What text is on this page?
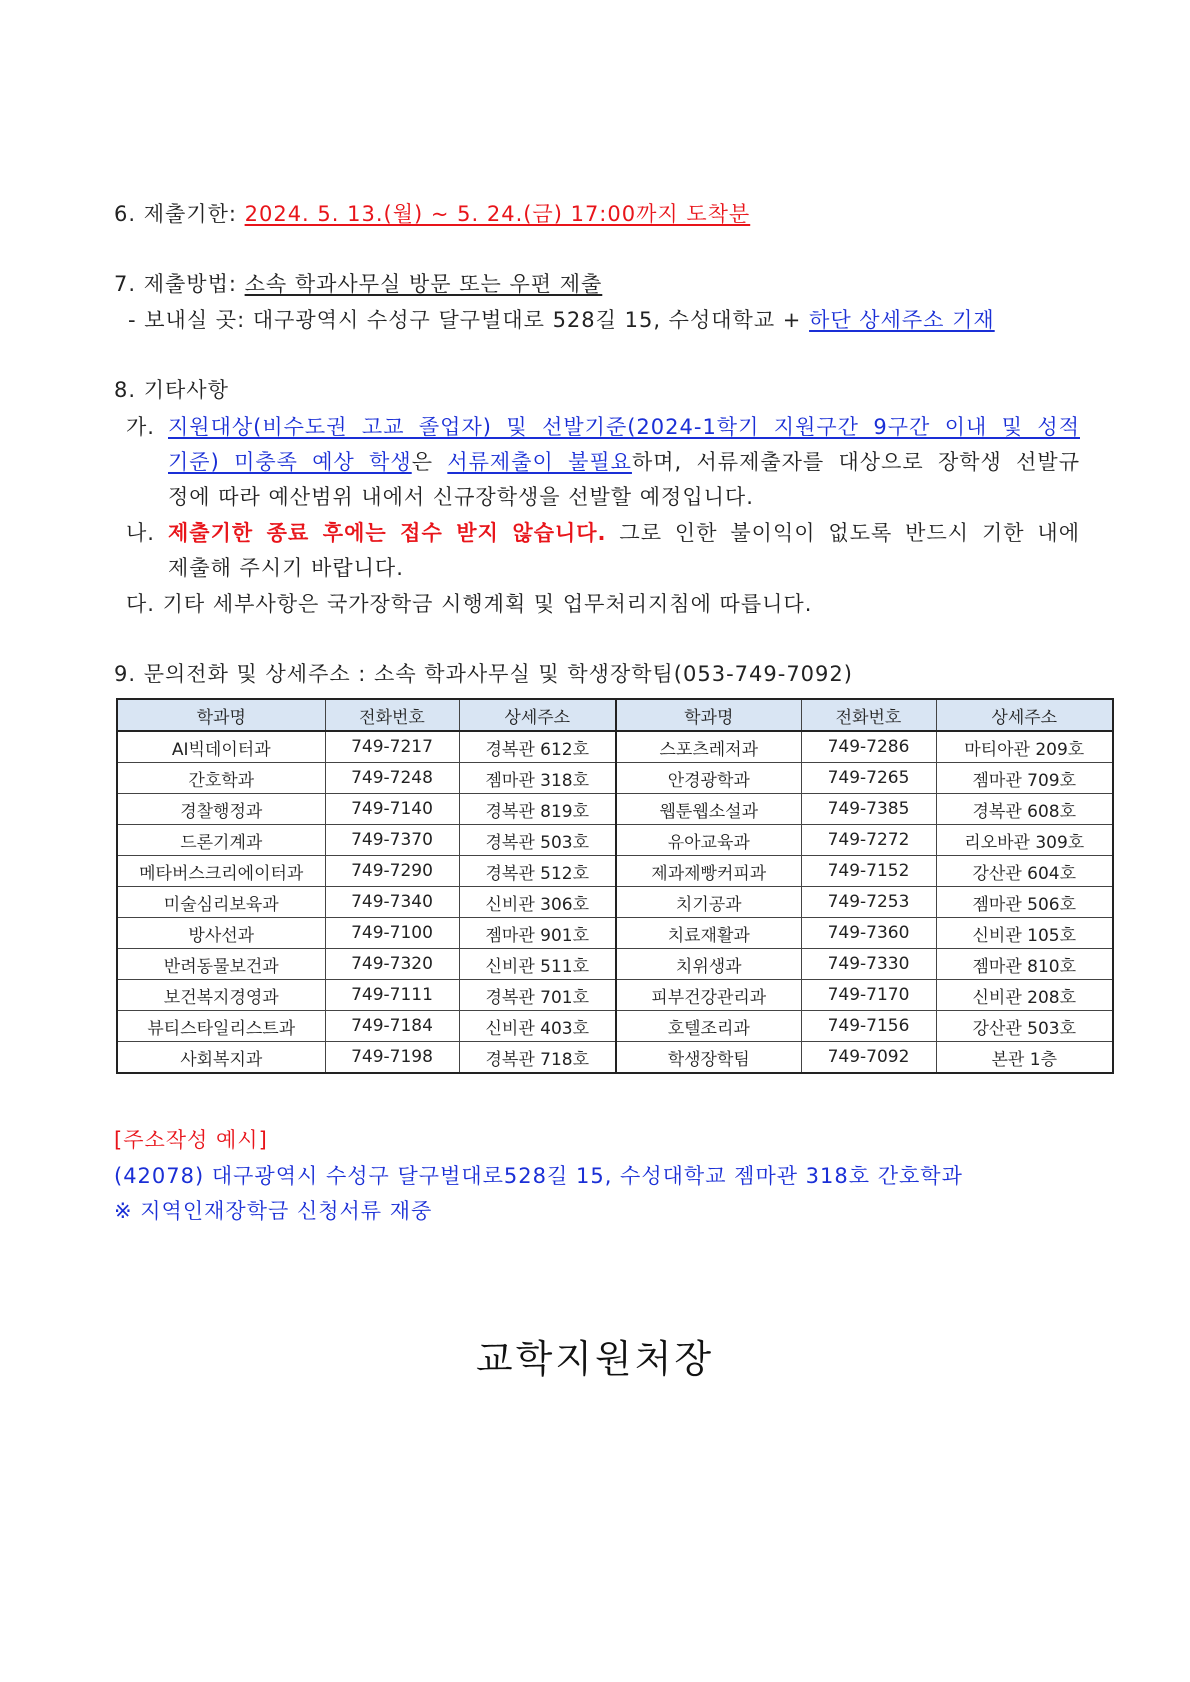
6. 제출기한: 2024. 5. 13.(월) ~ 5. 24.(금) 17:00까지 도착분
7. 제출방법: 소속 학과사무실 방문 또는 우편 제출
- 보내실 곳: 대구광역시 수성구 달구벌대로 528길 15, 수성대학교 + 하단 상세주소 기재
8. 기타사항
가. 지원대상(비수도권 고교 졸업자) 및 선발기준(2024-1학기 지원구간 9구간 이내 및 성적
기준) 미충족 예상 학생은 서류제출이 불필요하며, 서류제출자를 대상으로 장학생 선발규
정에 따라 예산범위 내에서 신규장학생을 선발할 예정입니다.
나. 제출기한 종료 후에는 접수 받지 않습니다. 그로 인한 불이익이 없도록 반드시 기한 내에
제출해 주시기 바랍니다.
다. 기타 세부사항은 국가장학금 시행계획 및 업무처리지침에 따릅니다.
9. 문의전화 및 상세주소 : 소속 학과사무실 및 학생장학팀(053-749-7092)
학과명	전화번호	상세주소	학과명	전화번호	상세주소
AI빅데이터과	749-7217	경복관 612호	스포츠레저과	749-7286	마티아관 209호
간호학과	749-7248	젬마관 318호	안경광학과	749-7265	젬마관 709호
경찰행정과	749-7140	경복관 819호	웹툰웹소설과	749-7385	경복관 608호
드론기계과	749-7370	경복관 503호	유아교육과	749-7272	리오바관 309호
메타버스크리에이터과	749-7290	경복관 512호	제과제빵커피과	749-7152	강산관 604호
미술심리보육과	749-7340	신비관 306호	치기공과	749-7253	젬마관 506호
방사선과	749-7100	젬마관 901호	치료재활과	749-7360	신비관 105호
반려동물보건과	749-7320	신비관 511호	치위생과	749-7330	젬마관 810호
보건복지경영과	749-7111	경복관 701호	피부건강관리과	749-7170	신비관 208호
뷰티스타일리스트과	749-7184	신비관 403호	호텔조리과	749-7156	강산관 503호
사회복지과	749-7198	경복관 718호	학생장학팀	749-7092	본관 1층
[주소작성 예시]
(42078) 대구광역시 수성구 달구벌대로528길 15, 수성대학교 젬마관 318호 간호학과
※ 지역인재장학금 신청서류 재중
교학지원처장
